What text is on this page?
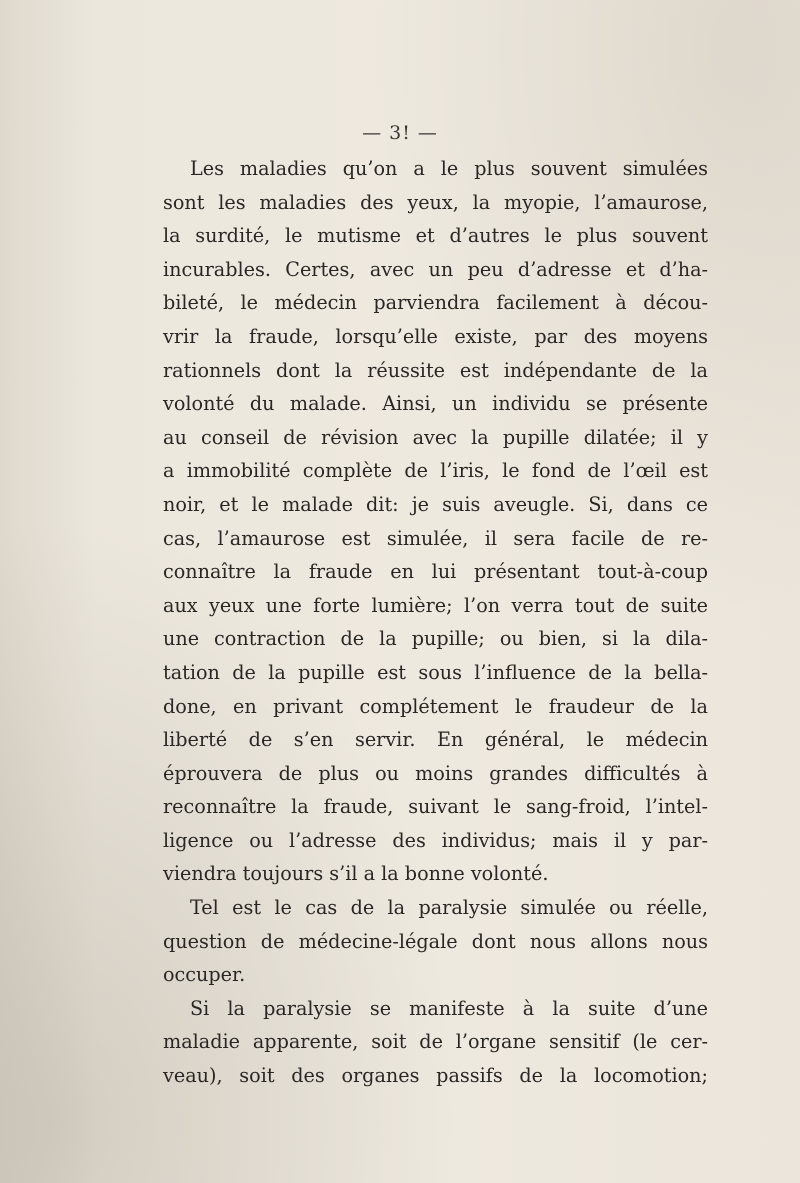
— 3! —
Les maladies qu’on a le plus souvent simulées
sont les maladies des yeux, la myopie, l’amaurose,
la surdité, le mutisme et d’autres le plus souvent
incurables. Certes, avec un peu d’adresse et d’ha-
bileté, le médecin parviendra facilement à décou-
vrir la fraude, lorsqu’elle existe, par des moyens
rationnels dont la réussite est indépendante de la
volonté du malade. Ainsi, un individu se présente
au conseil de révision avec la pupille dilatée; il y
a immobilité complète de l’iris, le fond de l’œil est
noir, et le malade dit: je suis aveugle. Si, dans ce
cas, l’amaurose est simulée, il sera facile de re-
connaître la fraude en lui présentant tout-à-coup
aux yeux une forte lumière; l’on verra tout de suite
une contraction de la pupille; ou bien, si la dila-
tation de la pupille est sous l’influence de la bella-
done, en privant complétement le fraudeur de la
liberté de s’en servir. En général, le médecin
éprouvera de plus ou moins grandes difficultés à
reconnaître la fraude, suivant le sang-froid, l’intel-
ligence ou l’adresse des individus; mais il y par-
viendra toujours s’il a la bonne volonté.
Tel est le cas de la paralysie simulée ou réelle,
question de médecine-légale dont nous allons nous
occuper.
Si la paralysie se manifeste à la suite d’une
maladie apparente, soit de l’organe sensitif (le cer-
veau), soit des organes passifs de la locomotion;
